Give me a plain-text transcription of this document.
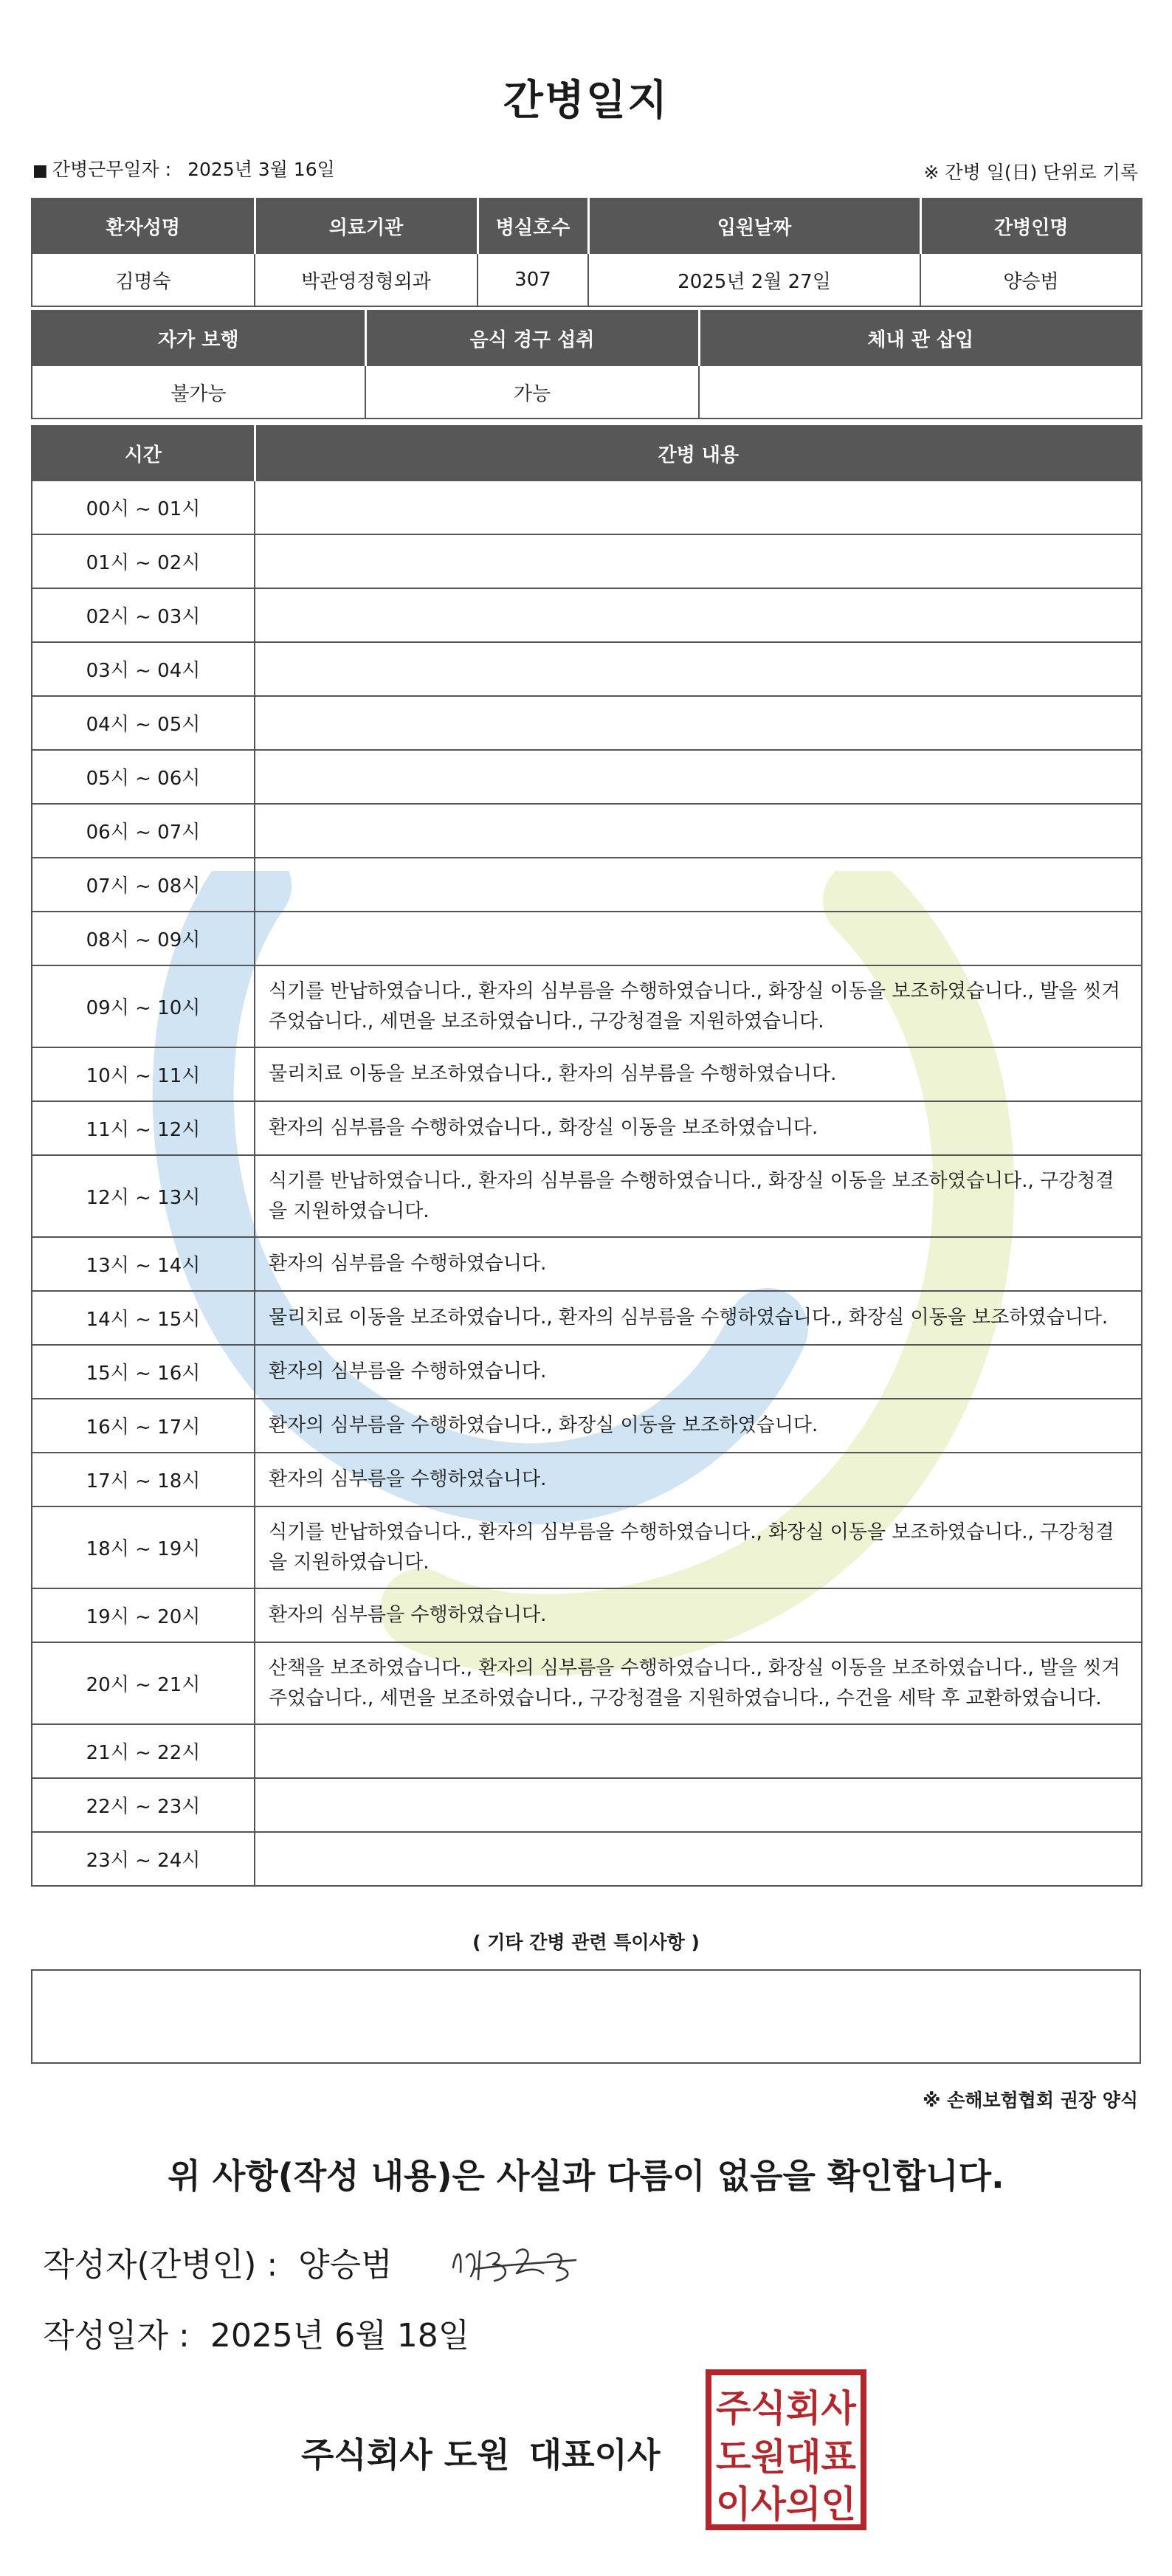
간병일지
■ 간병근무일자 : 2025년 3월 16일	※ 간병 일(日) 단위로 기록
환자성명	의료기관	병실호수	입원날짜	간병인명
김명숙	박관영정형외과	307	2025년 2월 27일	양승범
자가 보행	음식 경구 섭취	체내 관 삽입
불가능	가능	
시간	간병 내용
00시 ~ 01시	
01시 ~ 02시	
02시 ~ 03시	
03시 ~ 04시	
04시 ~ 05시	
05시 ~ 06시	
06시 ~ 07시	
07시 ~ 08시	
08시 ~ 09시	
09시 ~ 10시	식기를 반납하였습니다., 환자의 심부름을 수행하였습니다., 화장실 이동을 보조하였습니다., 발을 씻겨주었습니다., 세면을 보조하였습니다., 구강청결을 지원하였습니다.
10시 ~ 11시	물리치료 이동을 보조하였습니다., 환자의 심부름을 수행하였습니다.
11시 ~ 12시	환자의 심부름을 수행하였습니다., 화장실 이동을 보조하였습니다.
12시 ~ 13시	식기를 반납하였습니다., 환자의 심부름을 수행하였습니다., 화장실 이동을 보조하였습니다., 구강청결을 지원하였습니다.
13시 ~ 14시	환자의 심부름을 수행하였습니다.
14시 ~ 15시	물리치료 이동을 보조하였습니다., 환자의 심부름을 수행하였습니다., 화장실 이동을 보조하였습니다.
15시 ~ 16시	환자의 심부름을 수행하였습니다.
16시 ~ 17시	환자의 심부름을 수행하였습니다., 화장실 이동을 보조하였습니다.
17시 ~ 18시	환자의 심부름을 수행하였습니다.
18시 ~ 19시	식기를 반납하였습니다., 환자의 심부름을 수행하였습니다., 화장실 이동을 보조하였습니다., 구강청결을 지원하였습니다.
19시 ~ 20시	환자의 심부름을 수행하였습니다.
20시 ~ 21시	산책을 보조하였습니다., 환자의 심부름을 수행하였습니다., 화장실 이동을 보조하였습니다., 발을 씻겨주었습니다., 세면을 보조하였습니다., 구강청결을 지원하였습니다., 수건을 세탁 후 교환하였습니다.
21시 ~ 22시	
22시 ~ 23시	
23시 ~ 24시	
( 기타 간병 관련 특이사항 )
※ 손해보험협회 권장 양식
위 사항(작성 내용)은 사실과 다름이 없음을 확인합니다.
작성자(간병인) : 양승범
작성일자 : 2025년 6월 18일
주식회사 도원 대표이사
주식회사
도원대표
이사의인
